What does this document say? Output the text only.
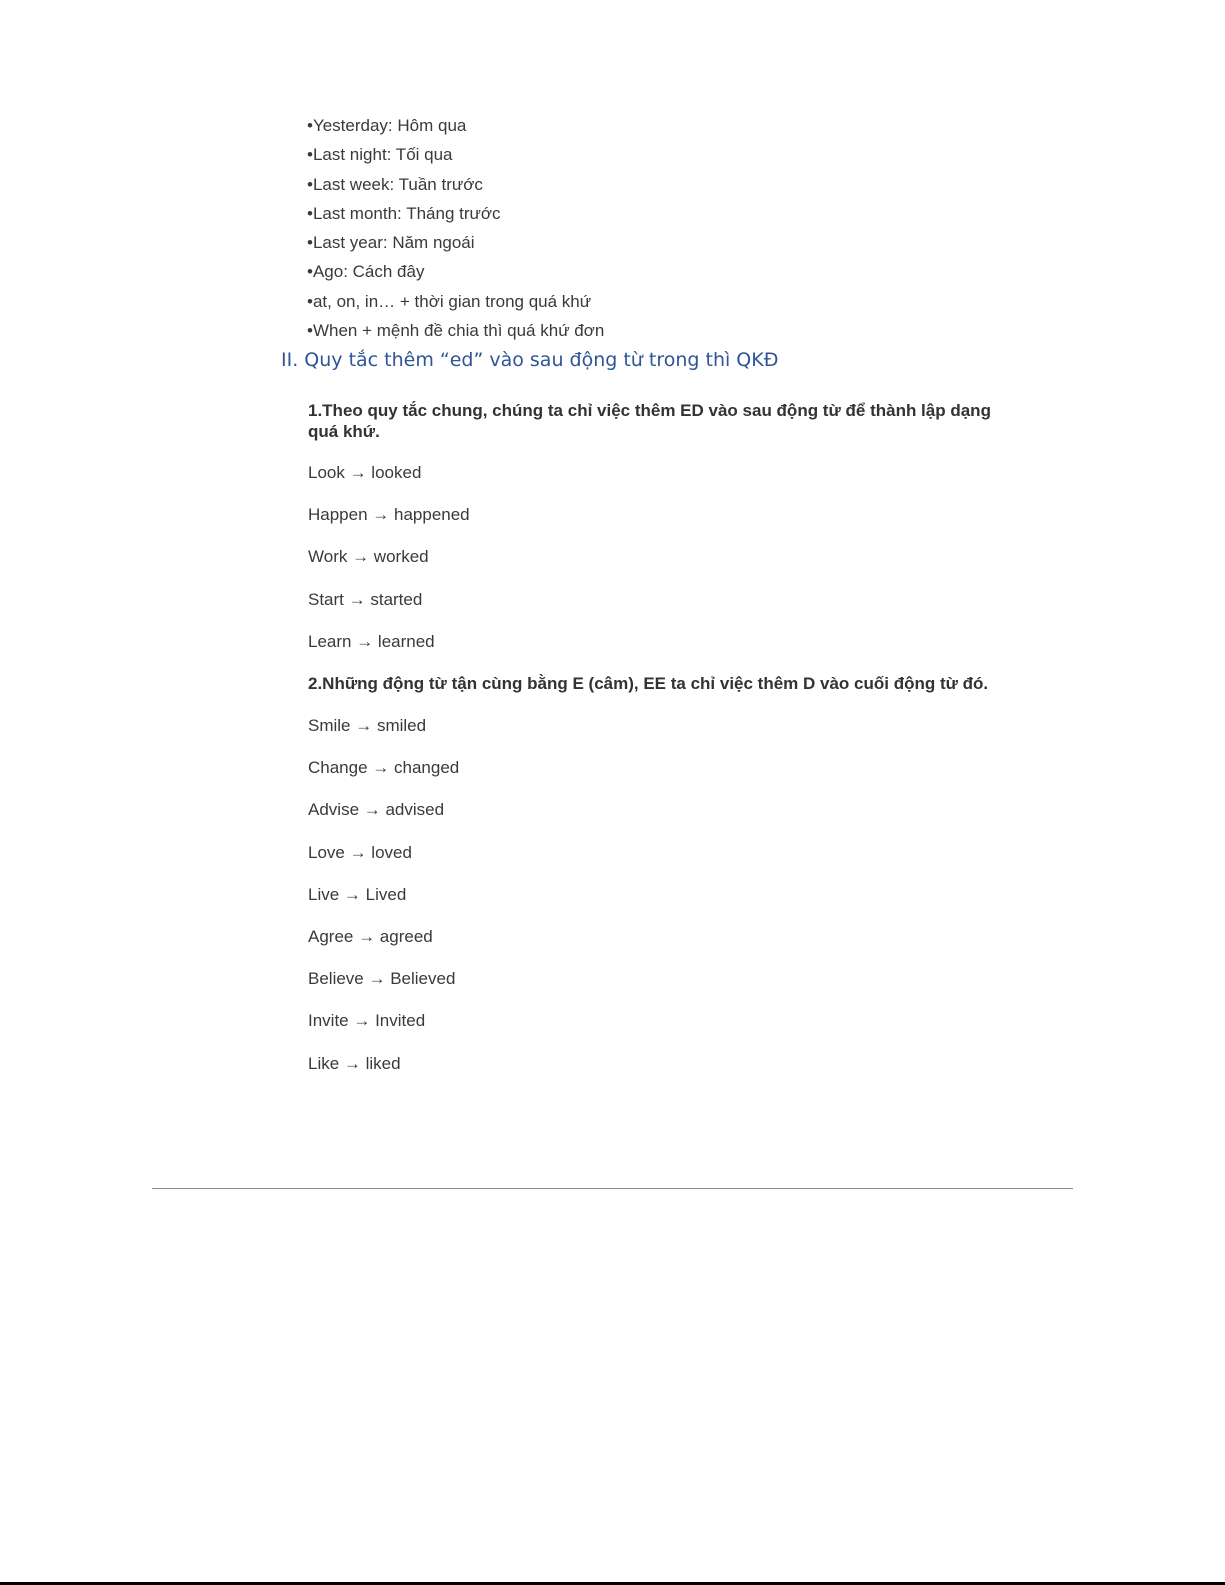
•Yesterday: Hôm qua
•Last night: Tối qua
•Last week: Tuần trước
•Last month: Tháng trước
•Last year: Năm ngoái
•Ago: Cách đây
•at, on, in… + thời gian trong quá khứ
•When + mệnh đề chia thì quá khứ đơn
II. Quy tắc thêm “ed” vào sau động từ trong thì QKĐ

1.Theo quy tắc chung, chúng ta chỉ việc thêm ED vào sau động từ để thành lập dạng quá khứ.

Look → looked
Happen → happened
Work → worked
Start → started
Learn → learned

2.Những động từ tận cùng bằng E (câm), EE ta chỉ việc thêm D vào cuối động từ đó.

Smile → smiled
Change → changed
Advise → advised
Love → loved
Live → Lived
Agree → agreed
Believe → Believed
Invite → Invited
Like → liked
